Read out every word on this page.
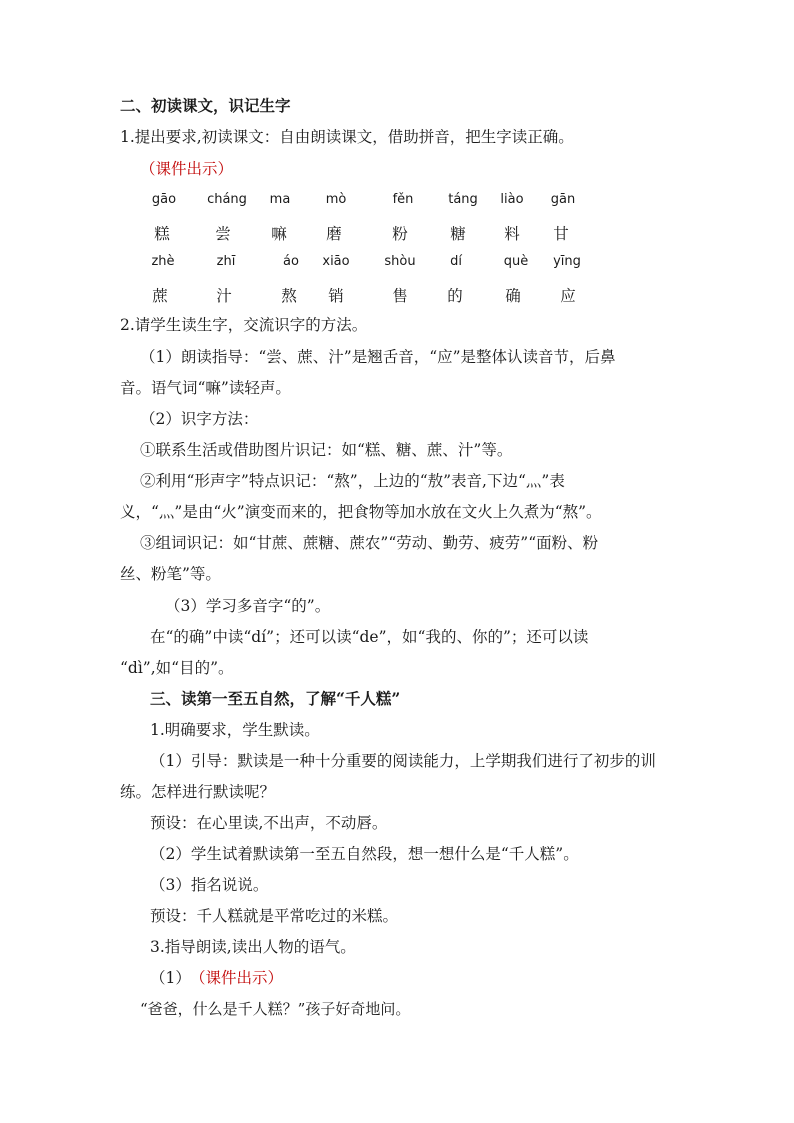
二、初读课文，识记生字
1.提出要求,初读课文：自由朗读课文，借助拼音，把生字读正确。
（课件出示）
gāo	cháng	ma	mò	fěn	táng	liào	gān
糕	尝	嘛	磨	粉	糖	料	甘
zhè	zhī	áo	xiāo	shòu	dí	què	yīng
蔗	汁	熬	销	售	的	确	应
2.请学生读生字，交流识字的方法。
（1）朗读指导：“尝、蔗、汁”是翘舌音，“应”是整体认读音节，后鼻
音。语气词“嘛”读轻声。
（2）识字方法：
①联系生活或借助图片识记：如“糕、糖、蔗、汁”等。
②利用“形声字”特点识记：“熬”，上边的“敖”表音,下边“灬”表
义，“灬”是由“火”演变而来的，把食物等加水放在文火上久煮为“熬”。
③组词识记：如“甘蔗、蔗糖、蔗农”“劳动、勤劳、疲劳”“面粉、粉
丝、粉笔”等。
（3）学习多音字“的”。
在“的确”中读“dí”；还可以读“de”，如“我的、你的”；还可以读
“dì”,如“目的”。
三、读第一至五自然，了解“千人糕”
1.明确要求，学生默读。
（1）引导：默读是一种十分重要的阅读能力，上学期我们进行了初步的训
练。怎样进行默读呢？
预设：在心里读,不出声，不动唇。
（2）学生试着默读第一至五自然段，想一想什么是“千人糕”。
（3）指名说说。
预设：千人糕就是平常吃过的米糕。
3.指导朗读,读出人物的语气。
（1） （课件出示）
“爸爸，什么是千人糕？”孩子好奇地问。
